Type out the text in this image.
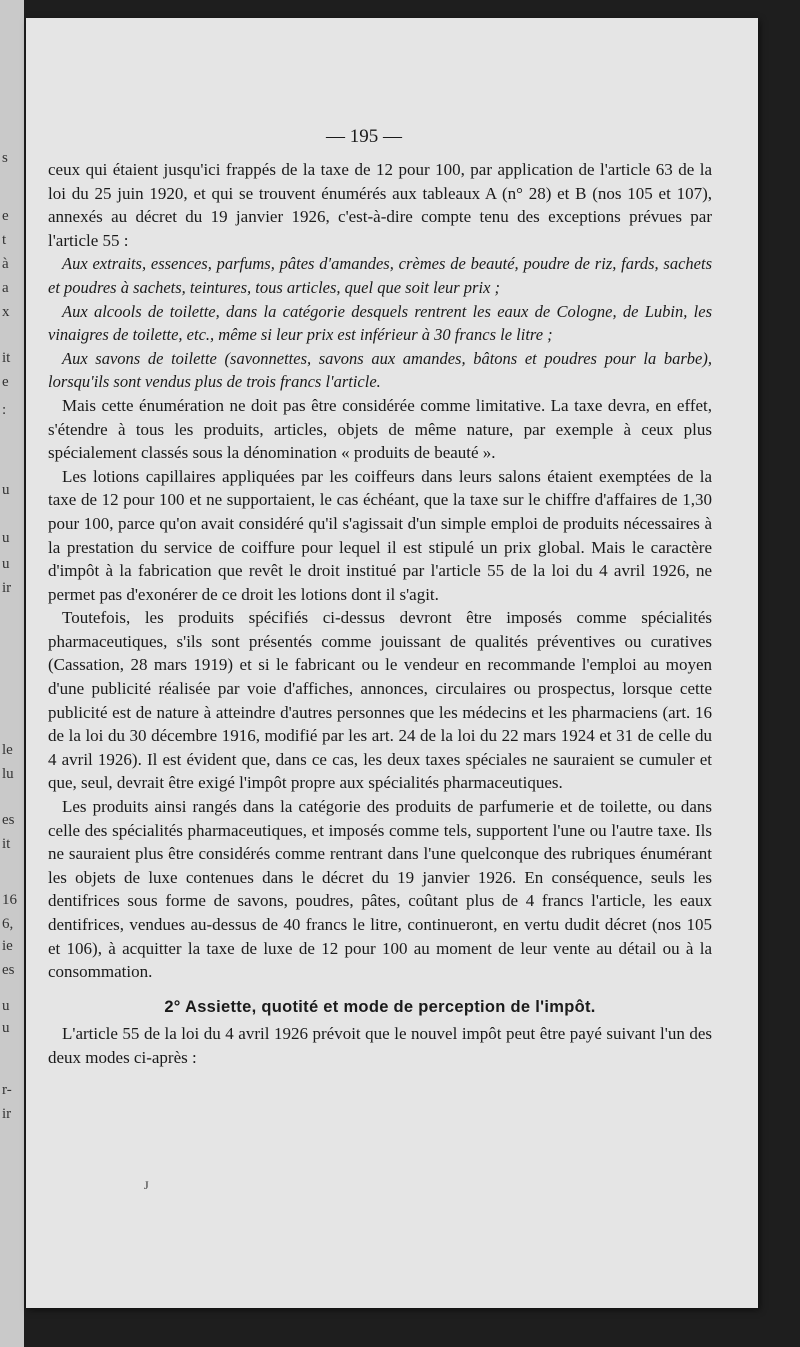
s
e
t
à
a
x
it
e
:
u
u
u
ir
le
lu
es
it
16
6,
ie
es
u
u
r-
ir
— 195 —

ceux qui étaient jusqu'ici frappés de la taxe de 12 pour 100, par application de l'article 63 de la loi du 25 juin 1920, et qui se trouvent énumérés aux tableaux A (n° 28) et B (nos 105 et 107), annexés au décret du 19 janvier 1926, c'est-à-dire compte tenu des exceptions prévues par l'article 55 :

Aux extraits, essences, parfums, pâtes d'amandes, crèmes de beauté, poudre de riz, fards, sachets et poudres à sachets, teintures, tous articles, quel que soit leur prix ;

Aux alcools de toilette, dans la catégorie desquels rentrent les eaux de Cologne, de Lubin, les vinaigres de toilette, etc., même si leur prix est inférieur à 30 francs le litre ;

Aux savons de toilette (savonnettes, savons aux amandes, bâtons et poudres pour la barbe), lorsqu'ils sont vendus plus de trois francs l'article.

Mais cette énumération ne doit pas être considérée comme limitative. La taxe devra, en effet, s'étendre à tous les produits, articles, objets de même nature, par exemple à ceux plus spécialement classés sous la dénomination « produits de beauté ».

Les lotions capillaires appliquées par les coiffeurs dans leurs salons étaient exemptées de la taxe de 12 pour 100 et ne supportaient, le cas échéant, que la taxe sur le chiffre d'affaires de 1,30 pour 100, parce qu'on avait considéré qu'il s'agissait d'un simple emploi de produits nécessaires à la prestation du service de coiffure pour lequel il est stipulé un prix global. Mais le caractère d'impôt à la fabrication que revêt le droit institué par l'article 55 de la loi du 4 avril 1926, ne permet pas d'exonérer de ce droit les lotions dont il s'agit.

Toutefois, les produits spécifiés ci-dessus devront être imposés comme spécialités pharmaceutiques, s'ils sont présentés comme jouissant de qualités préventives ou curatives (Cassation, 28 mars 1919) et si le fabricant ou le vendeur en recommande l'emploi au moyen d'une publicité réalisée par voie d'affiches, annonces, circulaires ou prospectus, lorsque cette publicité est de nature à atteindre d'autres personnes que les médecins et les pharmaciens (art. 16 de la loi du 30 décembre 1916, modifié par les art. 24 de la loi du 22 mars 1924 et 31 de celle du 4 avril 1926). Il est évident que, dans ce cas, les deux taxes spéciales ne sauraient se cumuler et que, seul, devrait être exigé l'impôt propre aux spécialités pharmaceutiques.

Les produits ainsi rangés dans la catégorie des produits de parfumerie et de toilette, ou dans celle des spécialités pharmaceutiques, et imposés comme tels, supportent l'une ou l'autre taxe. Ils ne sauraient plus être considérés comme rentrant dans l'une quelconque des rubriques énumérant les objets de luxe contenues dans le décret du 19 janvier 1926. En conséquence, seuls les dentifrices sous forme de savons, poudres, pâtes, coûtant plus de 4 francs l'article, les eaux dentifrices, vendues au-dessus de 40 francs le litre, continueront, en vertu dudit décret (nos 105 et 106), à acquitter la taxe de luxe de 12 pour 100 au moment de leur vente au détail ou à la consommation.

2° Assiette, quotité et mode de perception de l'impôt.

L'article 55 de la loi du 4 avril 1926 prévoit que le nouvel impôt peut être payé suivant l'un des deux modes ci-après :

J
